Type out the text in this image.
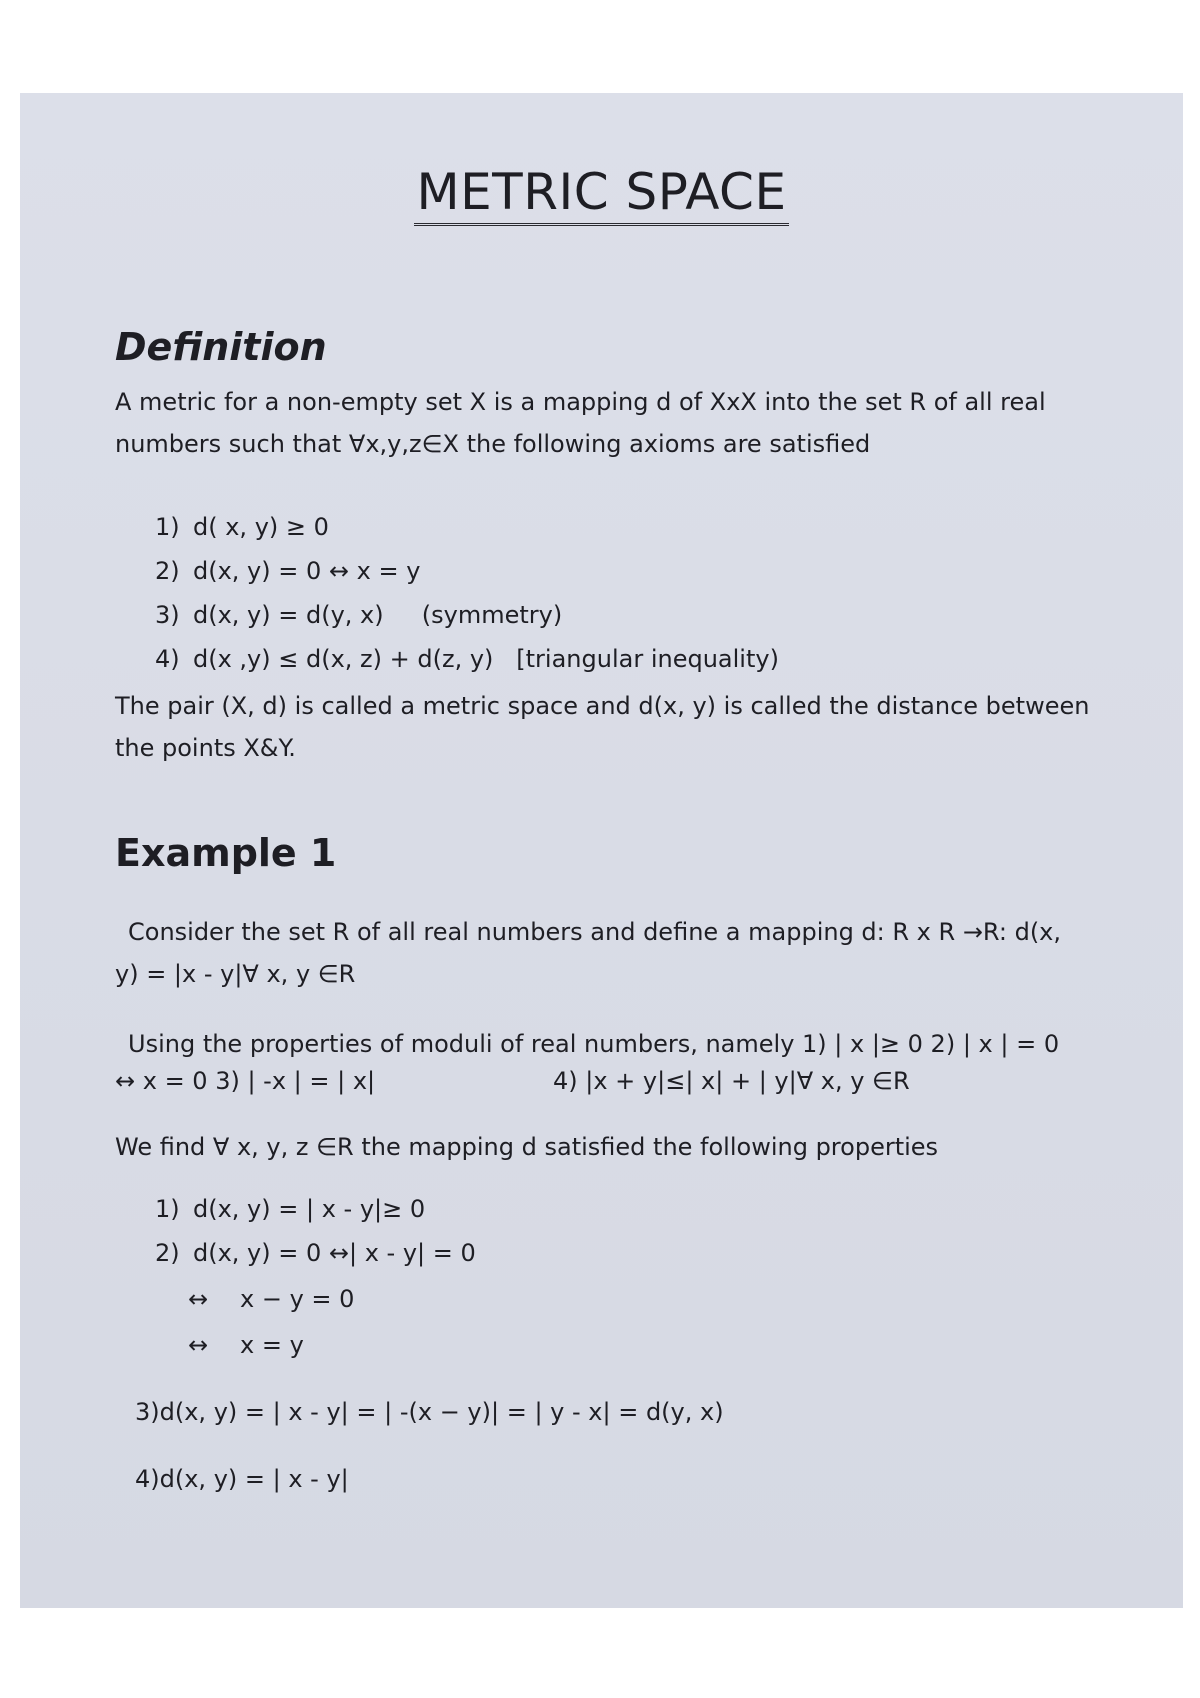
METRIC SPACE
Definition
A metric for a non-empty set X is a mapping d of XxX into the set R of all real
numbers such that ∀x,y,z∈X the following axioms are satisfied
1) d( x, y) ≥ 0
2) d(x, y) = 0 ↔ x = y
3) d(x, y) = d(y, x)     (symmetry)
4) d(x ,y) ≤ d(x, z) + d(z, y)   [triangular inequality)
The pair (X, d) is called a metric space and d(x, y) is called the distance between
the points X&Y.
Example 1
Consider the set R of all real numbers and define a mapping d: R x R →R: d(x,
y) = |x - y|∀ x, y ∈R
Using the properties of moduli of real numbers, namely 1) | x |≥ 0 2) | x | = 0
↔ x = 0 3) | -x | = | x|	4) |x + y|≤| x| + | y|∀ x, y ∈R
We find ∀ x, y, z ∈R the mapping d satisfied the following properties
1) d(x, y) = | x - y|≥ 0
2) d(x, y) = 0 ↔| x - y| = 0
↔ x − y = 0
↔ x = y
3)d(x, y) = | x - y| = | -(x − y)| = | y - x| = d(y, x)
4)d(x, y) = | x - y|
